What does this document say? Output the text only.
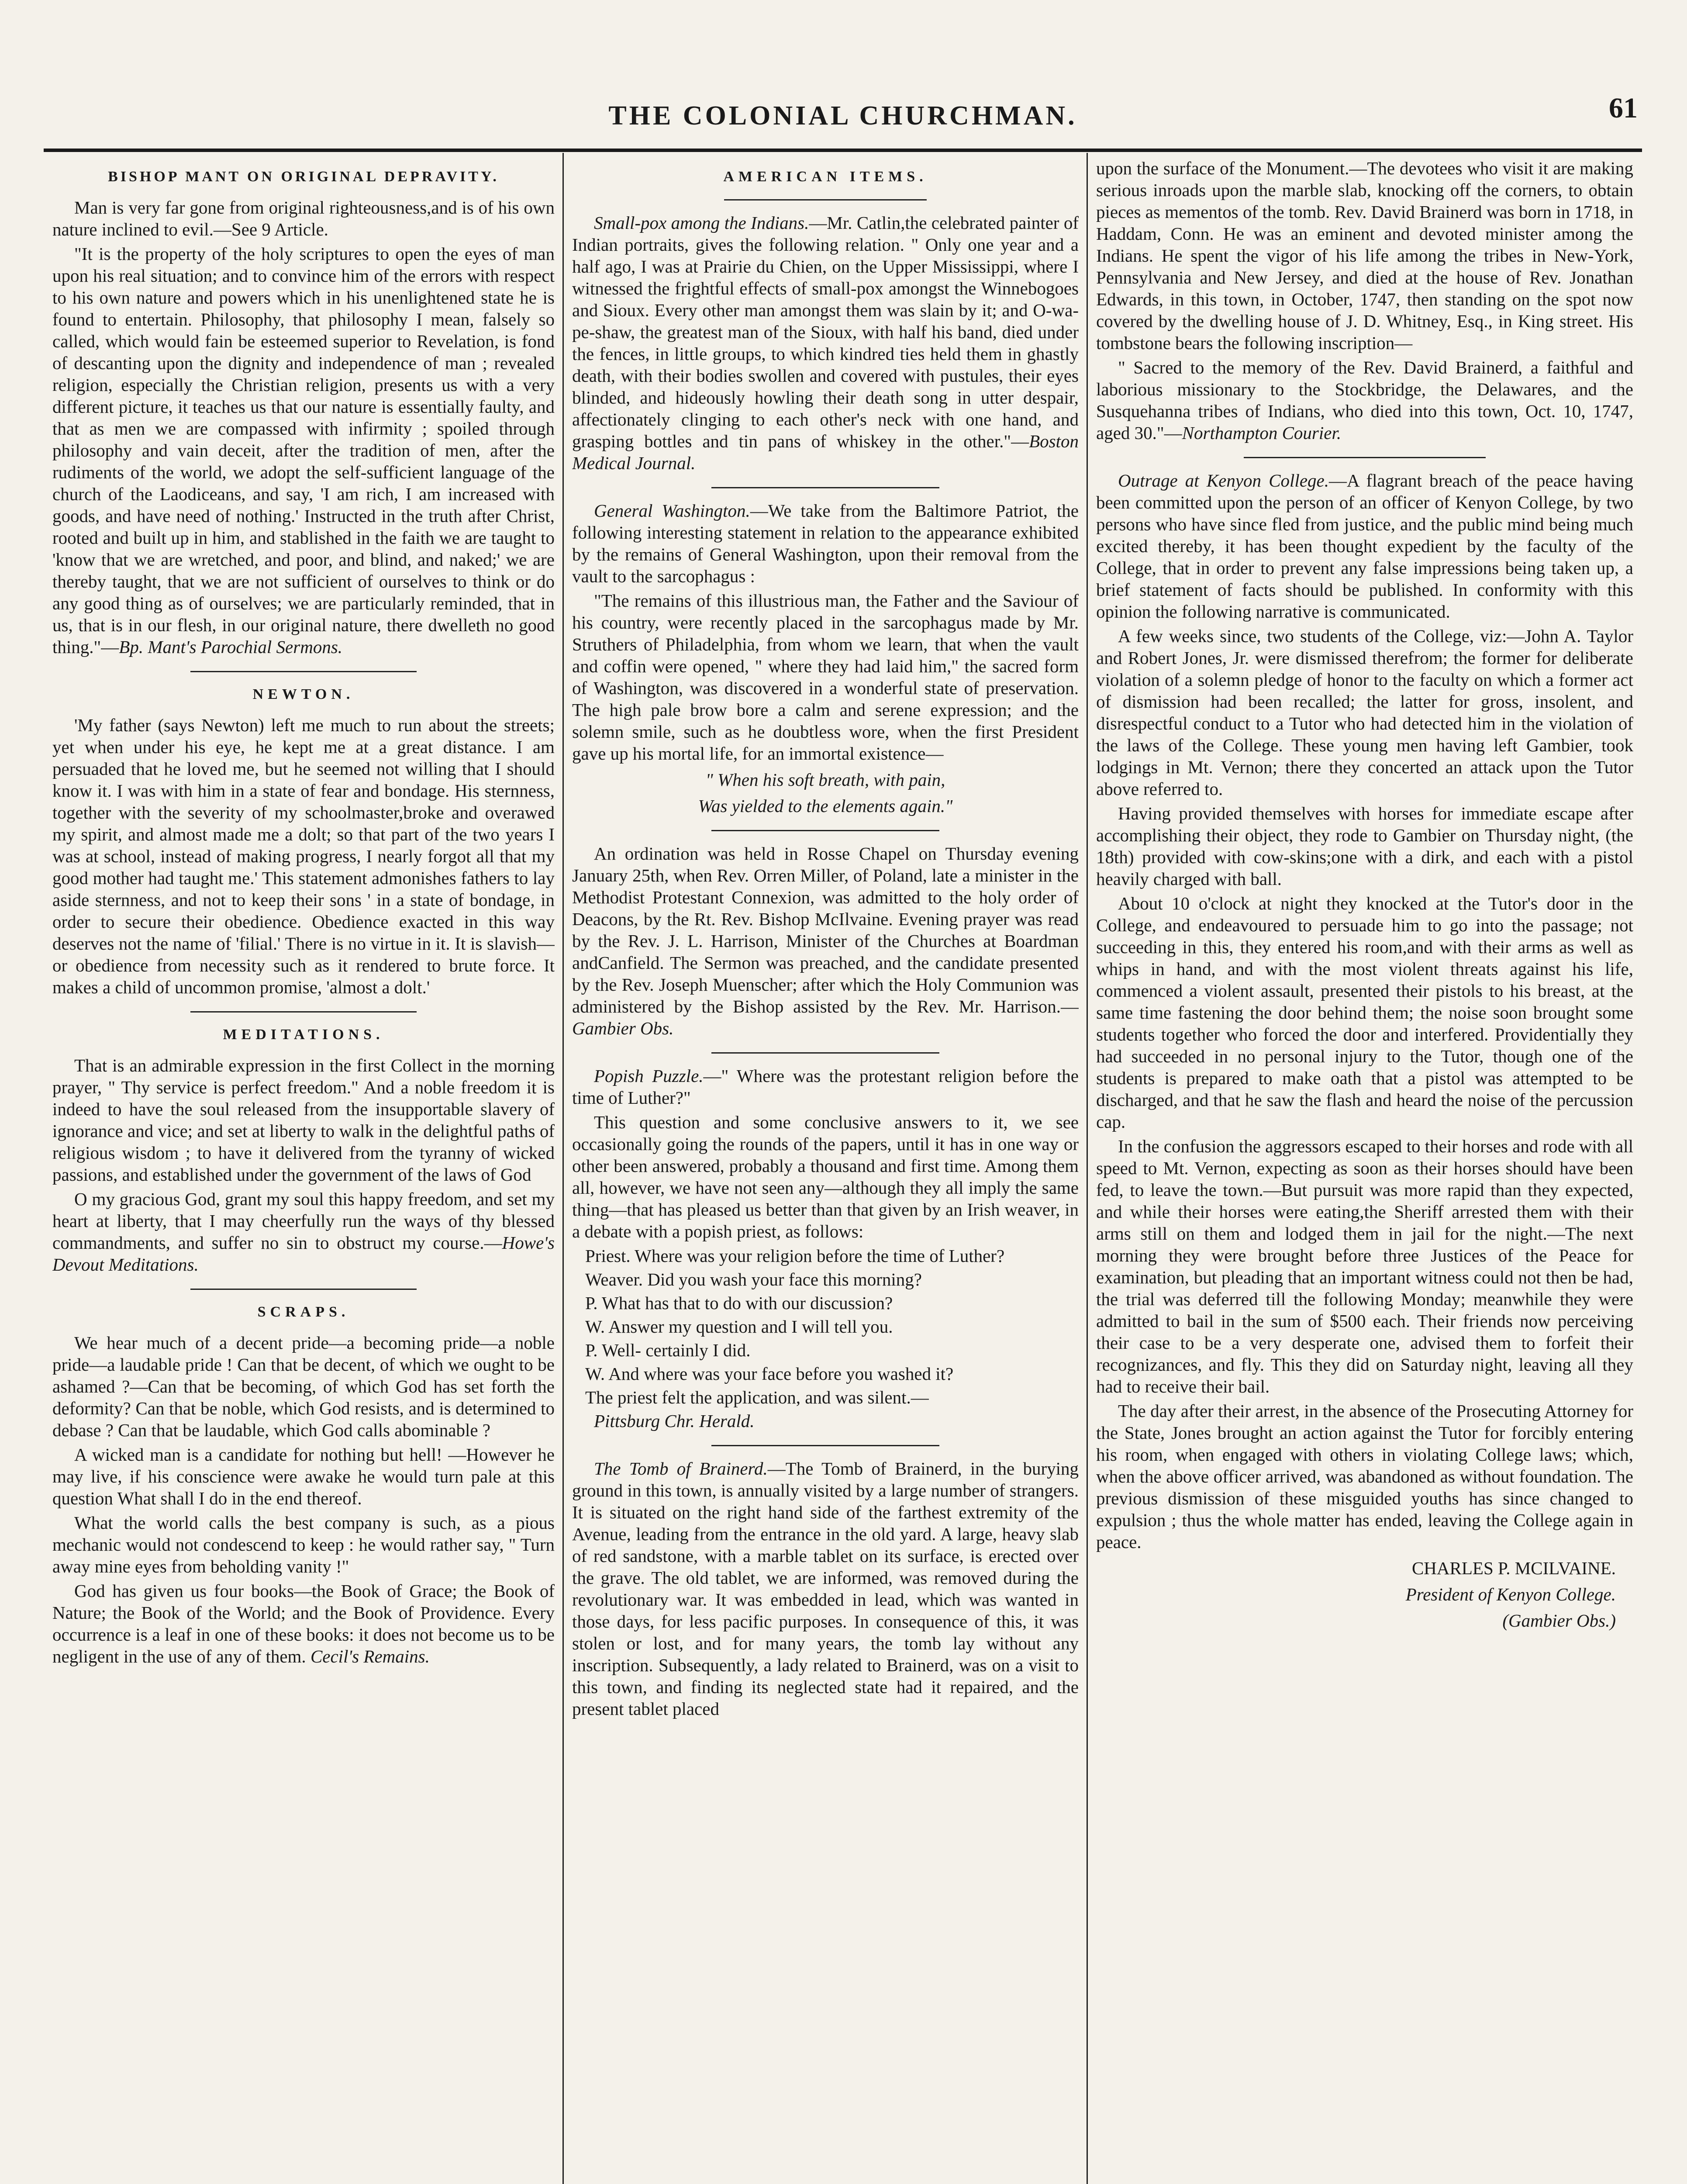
THE COLONIAL CHURCHMAN.	61
BISHOP MANT ON ORIGINAL DEPRAVITY.

Man is very far gone from original righteousness,and is of his own nature inclined to evil.—See 9 Article.

"It is the property of the holy scriptures to open the eyes of man upon his real situation; and to convince him of the errors with respect to his own nature and powers which in his unenlightened state he is found to entertain. Philosophy, that philosophy I mean, falsely so called, which would fain be esteemed superior to Revelation, is fond of descanting upon the dignity and independence of man ; revealed religion, especially the Christian religion, presents us with a very different picture, it teaches us that our nature is essentially faulty, and that as men we are compassed with infirmity ; spoiled through philosophy and vain deceit, after the tradition of men, after the rudiments of the world, we adopt the self-sufficient language of the church of the Laodiceans, and say, 'I am rich, I am increased with goods, and have need of nothing.' Instructed in the truth after Christ, rooted and built up in him, and stablished in the faith we are taught to 'know that we are wretched, and poor, and blind, and naked;' we are thereby taught, that we are not sufficient of ourselves to think or do any good thing as of ourselves; we are particularly reminded, that in us, that is in our flesh, in our original nature, there dwelleth no good thing."—Bp. Mant's Parochial Sermons.

NEWTON.

'My father (says Newton) left me much to run about the streets; yet when under his eye, he kept me at a great distance. I am persuaded that he loved me, but he seemed not willing that I should know it. I was with him in a state of fear and bondage. His sternness, together with the severity of my schoolmaster,broke and overawed my spirit, and almost made me a dolt; so that part of the two years I was at school, instead of making progress, I nearly forgot all that my good mother had taught me.' This statement admonishes fathers to lay aside sternness, and not to keep their sons ' in a state of bondage, in order to secure their obedience. Obedience exacted in this way deserves not the name of 'filial.' There is no virtue in it. It is slavish—or obedience from necessity such as it rendered to brute force. It makes a child of uncommon promise, 'almost a dolt.'

MEDITATIONS.

That is an admirable expression in the first Collect in the morning prayer, " Thy service is perfect freedom." And a noble freedom it is indeed to have the soul released from the insupportable slavery of ignorance and vice; and set at liberty to walk in the delightful paths of religious wisdom ; to have it delivered from the tyranny of wicked passions, and established under the government of the laws of God

O my gracious God, grant my soul this happy freedom, and set my heart at liberty, that I may cheerfully run the ways of thy blessed commandments, and suffer no sin to obstruct my course.—Howe's Devout Meditations.

SCRAPS.

We hear much of a decent pride—a becoming pride—a noble pride—a laudable pride ! Can that be decent, of which we ought to be ashamed ?—Can that be becoming, of which God has set forth the deformity? Can that be noble, which God resists, and is determined to debase ? Can that be laudable, which God calls abominable ?

A wicked man is a candidate for nothing but hell! —However he may live, if his conscience were awake he would turn pale at this question What shall I do in the end thereof.

What the world calls the best company is such, as a pious mechanic would not condescend to keep : he would rather say, " Turn away mine eyes from beholding vanity !"

God has given us four books—the Book of Grace; the Book of Nature; the Book of the World; and the Book of Providence. Every occurrence is a leaf in one of these books: it does not become us to be negligent in the use of any of them. Cecil's Remains.

AMERICAN ITEMS.

Small-pox among the Indians.—Mr. Catlin,the celebrated painter of Indian portraits, gives the following relation. " Only one year and a half ago, I was at Prairie du Chien, on the Upper Mississippi, where I witnessed the frightful effects of small-pox amongst the Winnebogoes and Sioux. Every other man amongst them was slain by it; and O-wa-pe-shaw, the greatest man of the Sioux, with half his band, died under the fences, in little groups, to which kindred ties held them in ghastly death, with their bodies swollen and covered with pustules, their eyes blinded, and hideously howling their death song in utter despair, affectionately clinging to each other's neck with one hand, and grasping bottles and tin pans of whiskey in the other."—Boston Medical Journal.

General Washington.—We take from the Baltimore Patriot, the following interesting statement in relation to the appearance exhibited by the remains of General Washington, upon their removal from the vault to the sarcophagus :

"The remains of this illustrious man, the Father and the Saviour of his country, were recently placed in the sarcophagus made by Mr. Struthers of Philadelphia, from whom we learn, that when the vault and coffin were opened, " where they had laid him," the sacred form of Washington, was discovered in a wonderful state of preservation. The high pale brow bore a calm and serene expression; and the solemn smile, such as he doubtless wore, when the first President gave up his mortal life, for an immortal existence—

" When his soft breath, with pain,
Was yielded to the elements again."

An ordination was held in Rosse Chapel on Thursday evening January 25th, when Rev. Orren Miller, of Poland, late a minister in the Methodist Protestant Connexion, was admitted to the holy order of Deacons, by the Rt. Rev. Bishop McIlvaine. Evening prayer was read by the Rev. J. L. Harrison, Minister of the Churches at Boardman andCanfield. The Sermon was preached, and the candidate presented by the Rev. Joseph Muenscher; after which the Holy Communion was administered by the Bishop assisted by the Rev. Mr. Harrison.—Gambier Obs.

Popish Puzzle.—" Where was the protestant religion before the time of Luther?"

This question and some conclusive answers to it, we see occasionally going the rounds of the papers, until it has in one way or other been answered, probably a thousand and first time. Among them all, however, we have not seen any—although they all imply the same thing—that has pleased us better than that given by an Irish weaver, in a debate with a popish priest, as follows:

Priest. Where was your religion before the time of Luther?

Weaver. Did you wash your face this morning?

P. What has that to do with our discussion?

W. Answer my question and I will tell you.

P. Well- certainly I did.

W. And where was your face before you washed it?

The priest felt the application, and was silent.—

Pittsburg Chr. Herald.

The Tomb of Brainerd.—The Tomb of Brainerd, in the burying ground in this town, is annually visited by a large number of strangers. It is situated on the right hand side of the farthest extremity of the Avenue, leading from the entrance in the old yard. A large, heavy slab of red sandstone, with a marble tablet on its surface, is erected over the grave. The old tablet, we are informed, was removed during the revolutionary war. It was embedded in lead, which was wanted in those days, for less pacific purposes. In consequence of this, it was stolen or lost, and for many years, the tomb lay without any inscription. Subsequently, a lady related to Brainerd, was on a visit to this town, and finding its neglected state had it repaired, and the present tablet placed

upon the surface of the Monument.—The devotees who visit it are making serious inroads upon the marble slab, knocking off the corners, to obtain pieces as mementos of the tomb. Rev. David Brainerd was born in 1718, in Haddam, Conn. He was an eminent and devoted minister among the Indians. He spent the vigor of his life among the tribes in New-York, Pennsylvania and New Jersey, and died at the house of Rev. Jonathan Edwards, in this town, in October, 1747, then standing on the spot now covered by the dwelling house of J. D. Whitney, Esq., in King street. His tombstone bears the following inscription—

" Sacred to the memory of the Rev. David Brainerd, a faithful and laborious missionary to the Stockbridge, the Delawares, and the Susquehanna tribes of Indians, who died into this town, Oct. 10, 1747, aged 30."—Northampton Courier.

Outrage at Kenyon College.—A flagrant breach of the peace having been committed upon the person of an officer of Kenyon College, by two persons who have since fled from justice, and the public mind being much excited thereby, it has been thought expedient by the faculty of the College, that in order to prevent any false impressions being taken up, a brief statement of facts should be published. In conformity with this opinion the following narrative is communicated.

A few weeks since, two students of the College, viz:—John A. Taylor and Robert Jones, Jr. were dismissed therefrom; the former for deliberate violation of a solemn pledge of honor to the faculty on which a former act of dismission had been recalled; the latter for gross, insolent, and disrespectful conduct to a Tutor who had detected him in the violation of the laws of the College. These young men having left Gambier, took lodgings in Mt. Vernon; there they concerted an attack upon the Tutor above referred to.

Having provided themselves with horses for immediate escape after accomplishing their object, they rode to Gambier on Thursday night, (the 18th) provided with cow-skins;one with a dirk, and each with a pistol heavily charged with ball.

About 10 o'clock at night they knocked at the Tutor's door in the College, and endeavoured to persuade him to go into the passage; not succeeding in this, they entered his room,and with their arms as well as whips in hand, and with the most violent threats against his life, commenced a violent assault, presented their pistols to his breast, at the same time fastening the door behind them; the noise soon brought some students together who forced the door and interfered. Providentially they had succeeded in no personal injury to the Tutor, though one of the students is prepared to make oath that a pistol was attempted to be discharged, and that he saw the flash and heard the noise of the percussion cap.

In the confusion the aggressors escaped to their horses and rode with all speed to Mt. Vernon, expecting as soon as their horses should have been fed, to leave the town.—But pursuit was more rapid than they expected, and while their horses were eating,the Sheriff arrested them with their arms still on them and lodged them in jail for the night.—The next morning they were brought before three Justices of the Peace for examination, but pleading that an important witness could not then be had, the trial was deferred till the following Monday; meanwhile they were admitted to bail in the sum of $500 each. Their friends now perceiving their case to be a very desperate one, advised them to forfeit their recognizances, and fly. This they did on Saturday night, leaving all they had to receive their bail.

The day after their arrest, in the absence of the Prosecuting Attorney for the State, Jones brought an action against the Tutor for forcibly entering his room, when engaged with others in violating College laws; which, when the above officer arrived, was abandoned as without foundation. The previous dismission of these misguided youths has since changed to expulsion ; thus the whole matter has ended, leaving the College again in peace.

CHARLES P. MCILVAINE.

President of Kenyon College.

(Gambier Obs.)
